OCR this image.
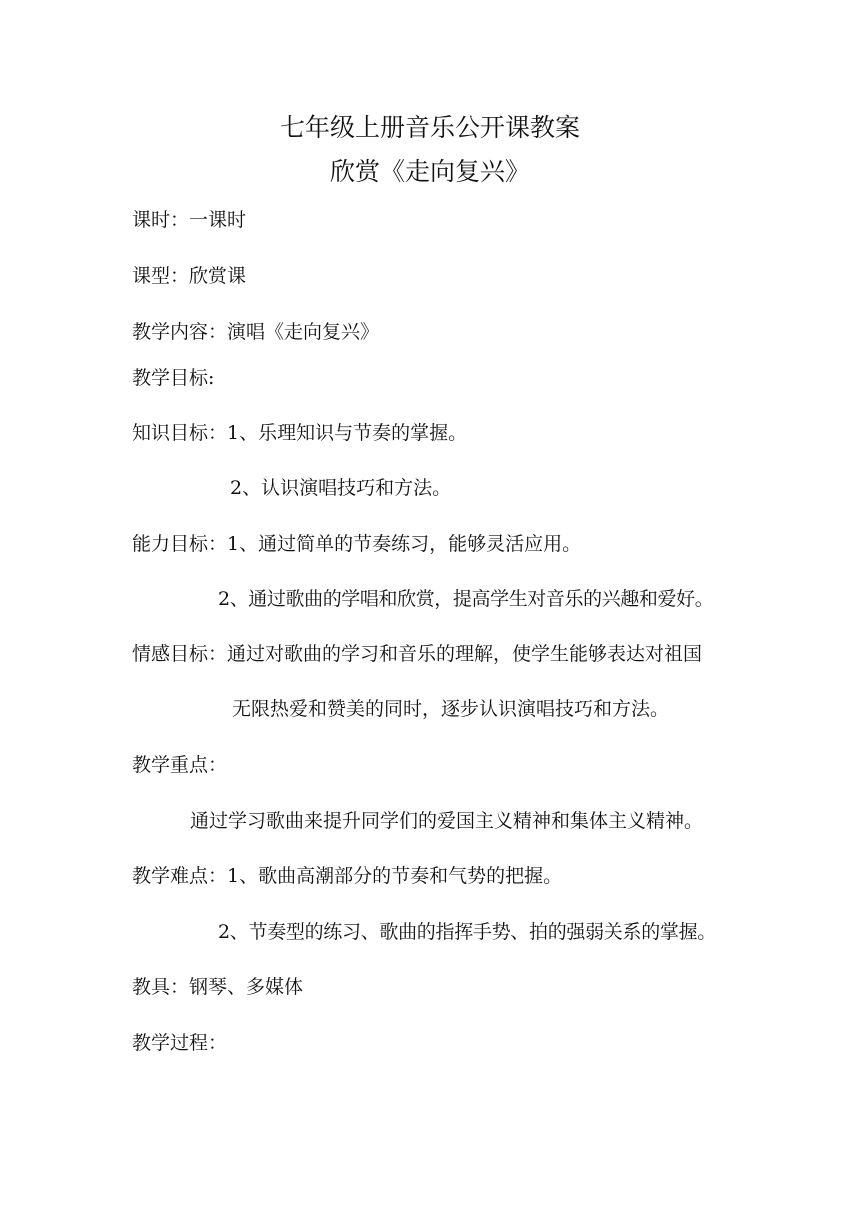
七年级上册音乐公开课教案
欣赏《走向复兴》
课时：一课时
课型：欣赏课
教学内容：演唱《走向复兴》
教学目标:
知识目标：1、乐理知识与节奏的掌握。
2、认识演唱技巧和方法。
能力目标：1、通过简单的节奏练习，能够灵活应用。
2、通过歌曲的学唱和欣赏，提高学生对音乐的兴趣和爱好。
情感目标：通过对歌曲的学习和音乐的理解，使学生能够表达对祖国
无限热爱和赞美的同时，逐步认识演唱技巧和方法。
教学重点：
通过学习歌曲来提升同学们的爱国主义精神和集体主义精神。
教学难点：1、歌曲高潮部分的节奏和气势的把握。
2、节奏型的练习、歌曲的指挥手势、拍的强弱关系的掌握。
教具：钢琴、多媒体
教学过程：
